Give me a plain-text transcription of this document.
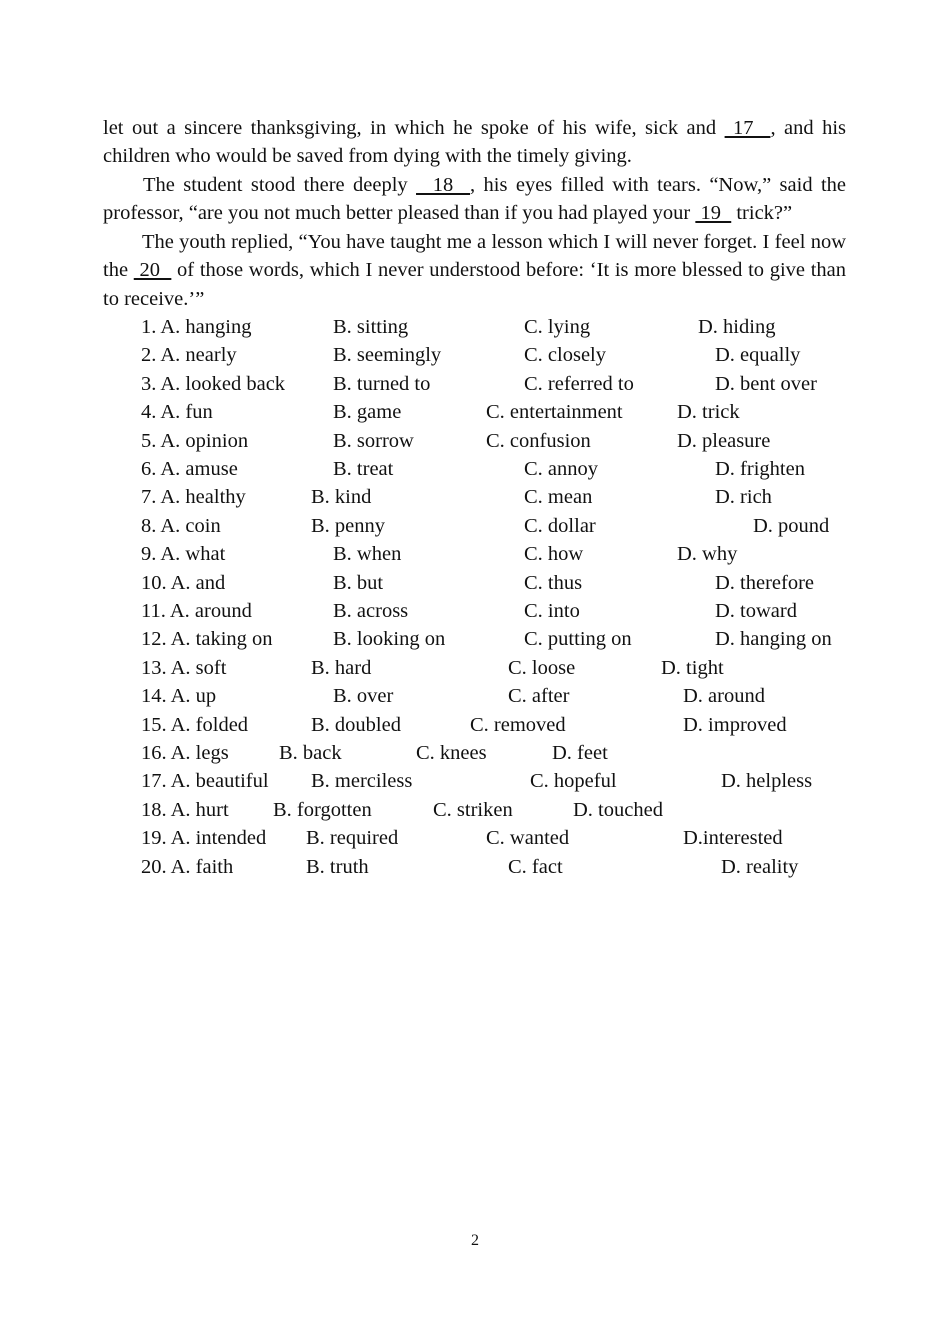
let out a sincere thanksgiving, in which he spoke of his wife, sick and  17  , and his children who would be saved from dying with the timely giving.

The student stood there deeply   18  , his eyes filled with tears. “Now,” said the professor, “are you not much better pleased than if you had played your  19   trick?”

The youth replied, “You have taught me a lesson which I will never forget. I feel now the  20   of those words, which I never understood before: ‘It is more blessed to give than to receive.’”

1. A. hanging	B. sitting	C. lying	D. hiding
2. A. nearly	B. seemingly	C. closely	D. equally
3. A. looked back B. turned to	C. referred to	D. bent over
4. A. fun	B. game	C. entertainment	D. trick
5. A. opinion	B. sorrow	C. confusion	D. pleasure
6. A. amuse	B. treat	C. annoy	D. frighten
7. A. healthy	B. kind	C. mean	D. rich
8. A. coin	B. penny	C. dollar	D. pound
9. A. what	B. when	C. how	D. why
10. A. and	B. but	C. thus	D. therefore
11. A. around	B. across	C. into	D. toward
12. A. taking on	B. looking on	C. putting on	D. hanging on
13. A. soft	B. hard	C. loose	D. tight
14. A. up	B. over	C. after	D. around
15. A. folded	B. doubled	C. removed	D. improved
16. A. legs B. back	C. knees	D. feet
17. A. beautiful B. merciless	C. hopeful	D. helpless
18. A. hurt B. forgotten	C. striken	D. touched
19. A. intended B. required	C. wanted	D.interested
20. A. faith	B. truth	C. fact	D. reality
2
